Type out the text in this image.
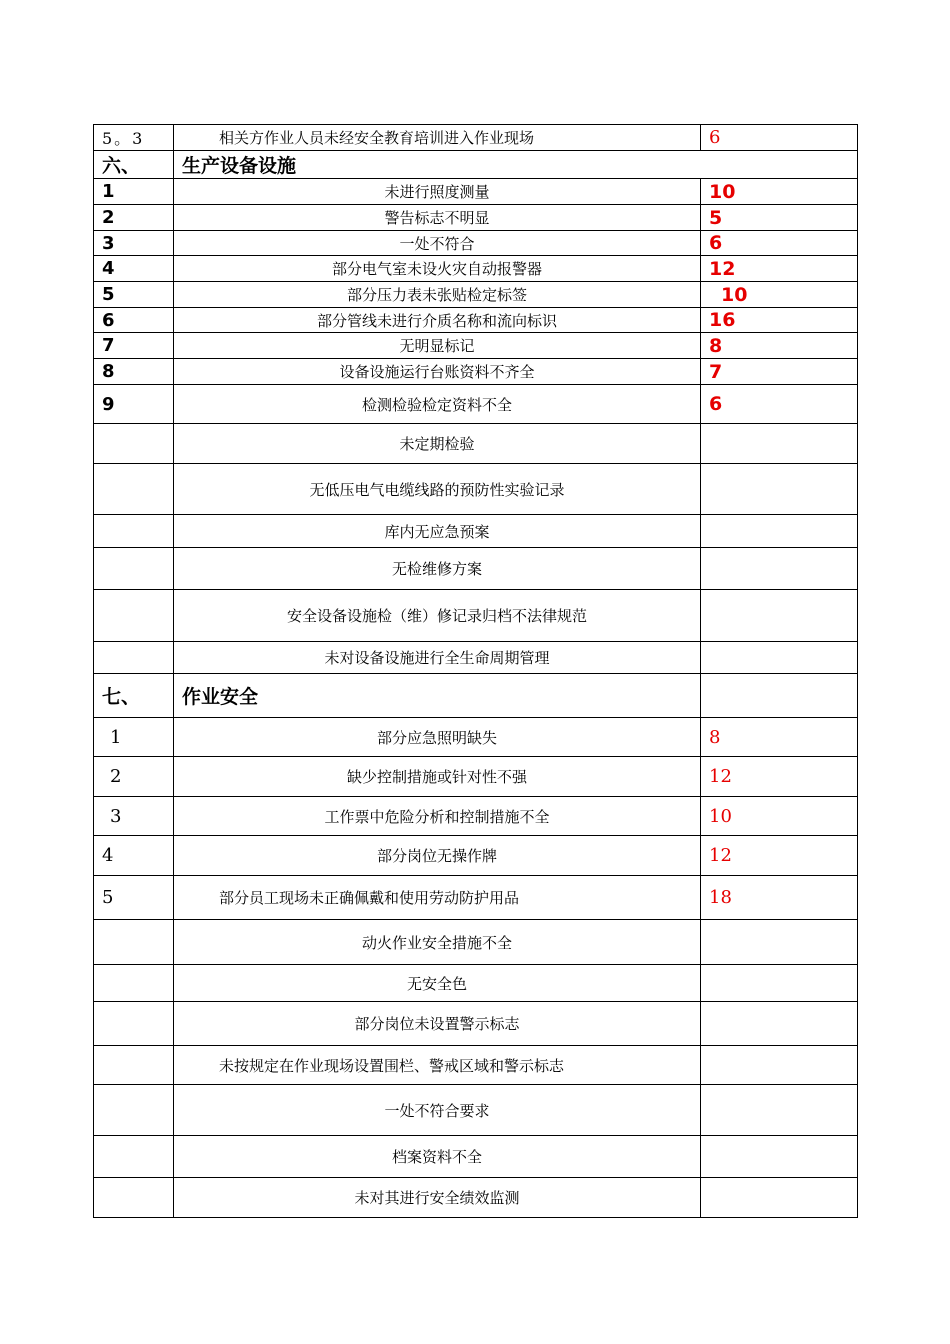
5。3	相关方作业人员未经安全教育培训进入作业现场	6
六、	生产设备设施	
1	未进行照度测量	10
2	警告标志不明显	5
3	一处不符合	6
4	部分电气室未设火灾自动报警器	12
5	部分压力表未张贴检定标签	10
6	部分管线未进行介质名称和流向标识	16
7	无明显标记	8
8	设备设施运行台账资料不齐全	7
9	检测检验检定资料不全	6
	未定期检验	
	无低压电气电缆线路的预防性实验记录	
	库内无应急预案	
	无检维修方案	
	安全设备设施检（维）修记录归档不法律规范	
	未对设备设施进行全生命周期管理	
七、	作业安全	
1	部分应急照明缺失	8
2	缺少控制措施或针对性不强	12
3	工作票中危险分析和控制措施不全	10
4	部分岗位无操作牌	12
5	部分员工现场未正确佩戴和使用劳动防护用品	18
	动火作业安全措施不全	
	无安全色	
	部分岗位未设置警示标志	
	未按规定在作业现场设置围栏、警戒区域和警示标志	
	一处不符合要求	
	档案资料不全	
	未对其进行安全绩效监测	
